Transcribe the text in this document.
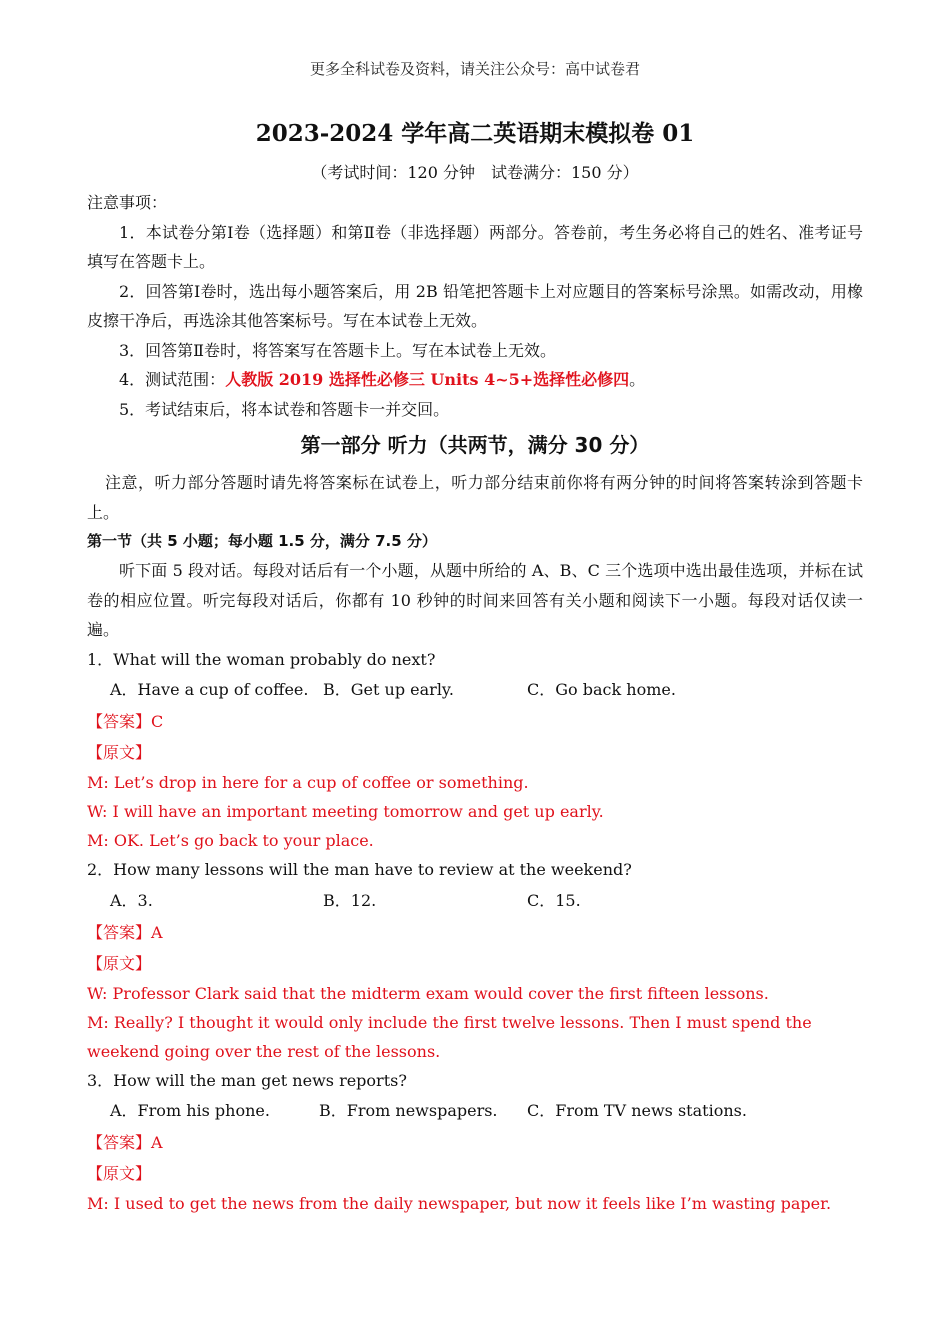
更多全科试卷及资料，请关注公众号：高中试卷君
2023-2024 学年高二英语期末模拟卷 01
（考试时间：120 分钟　试卷满分：150 分）

注意事项：

1．本试卷分第Ⅰ卷（选择题）和第Ⅱ卷（非选择题）两部分。答卷前，考生务必将自己的姓名、准考证号填写在答题卡上。

2．回答第Ⅰ卷时，选出每小题答案后，用 2B 铅笔把答题卡上对应题目的答案标号涂黑。如需改动，用橡皮擦干净后，再选涂其他答案标号。写在本试卷上无效。

3．回答第Ⅱ卷时，将答案写在答题卡上。写在本试卷上无效。

4．测试范围：人教版 2019 选择性必修三 Units 4~5+选择性必修四。

5．考试结束后，将本试卷和答题卡一并交回。

第一部分 听力（共两节，满分 30 分）

注意，听力部分答题时请先将答案标在试卷上，听力部分结束前你将有两分钟的时间将答案转涂到答题卡上。

第一节（共 5 小题；每小题 1.5 分，满分 7.5 分）

听下面 5 段对话。每段对话后有一个小题，从题中所给的 A、B、C 三个选项中选出最佳选项，并标在试卷的相应位置。听完每段对话后，你都有 10 秒钟的时间来回答有关小题和阅读下一小题。每段对话仅读一遍。

1．What will the woman probably do next?

A．Have a cup of coffee. B．Get up early.	C．Go back home.

【答案】C

【原文】

M: Let’s drop in here for a cup of coffee or something.

W: I will have an important meeting tomorrow and get up early.

M: OK. Let’s go back to your place.

2．How many lessons will the man have to review at the weekend?

A．3.	B．12.	C．15.

【答案】A

【原文】

W: Professor Clark said that the midterm exam would cover the first fifteen lessons.

M: Really? I thought it would only include the first twelve lessons. Then I must spend the weekend going over the rest of the lessons.

3．How will the man get news reports?

A．From his phone.	B．From newspapers. C．From TV news stations.

【答案】A

【原文】

M: I used to get the news from the daily newspaper, but now it feels like I’m wasting paper.
